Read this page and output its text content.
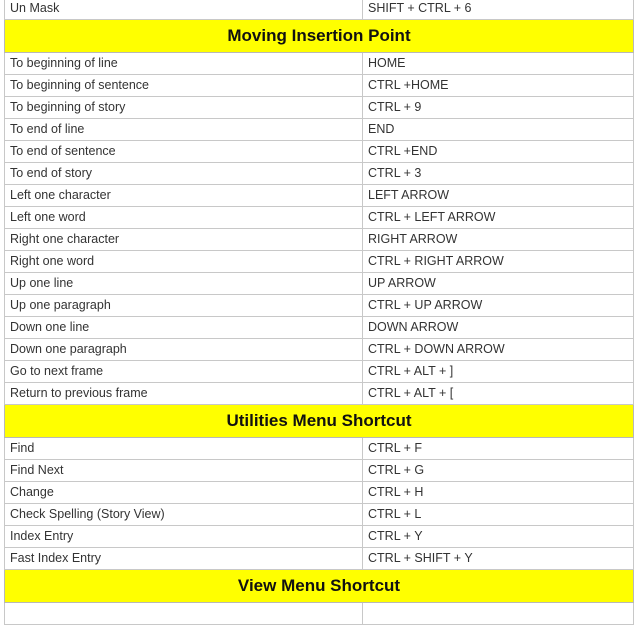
Un Mask	SHIFT + CTRL + 6
Moving Insertion Point	
To beginning of line	HOME
To beginning of sentence	CTRL +HOME
To beginning of story	CTRL + 9
To end of line	END
To end of sentence	CTRL +END
To end of story	CTRL + 3
Left one character	LEFT ARROW
Left one word	CTRL + LEFT ARROW
Right one character	RIGHT ARROW
Right one word	CTRL + RIGHT ARROW
Up one line	UP ARROW
Up one paragraph	CTRL + UP ARROW
Down one line	DOWN ARROW
Down one paragraph	CTRL + DOWN ARROW
Go to next frame	CTRL + ALT + ]
Return to previous frame	CTRL + ALT + [
Utilities Menu Shortcut	
Find	CTRL + F
Find Next	CTRL + G
Change	CTRL + H
Check Spelling (Story View)	CTRL + L
Index Entry	CTRL + Y
Fast Index Entry	CTRL + SHIFT + Y
View Menu Shortcut	
